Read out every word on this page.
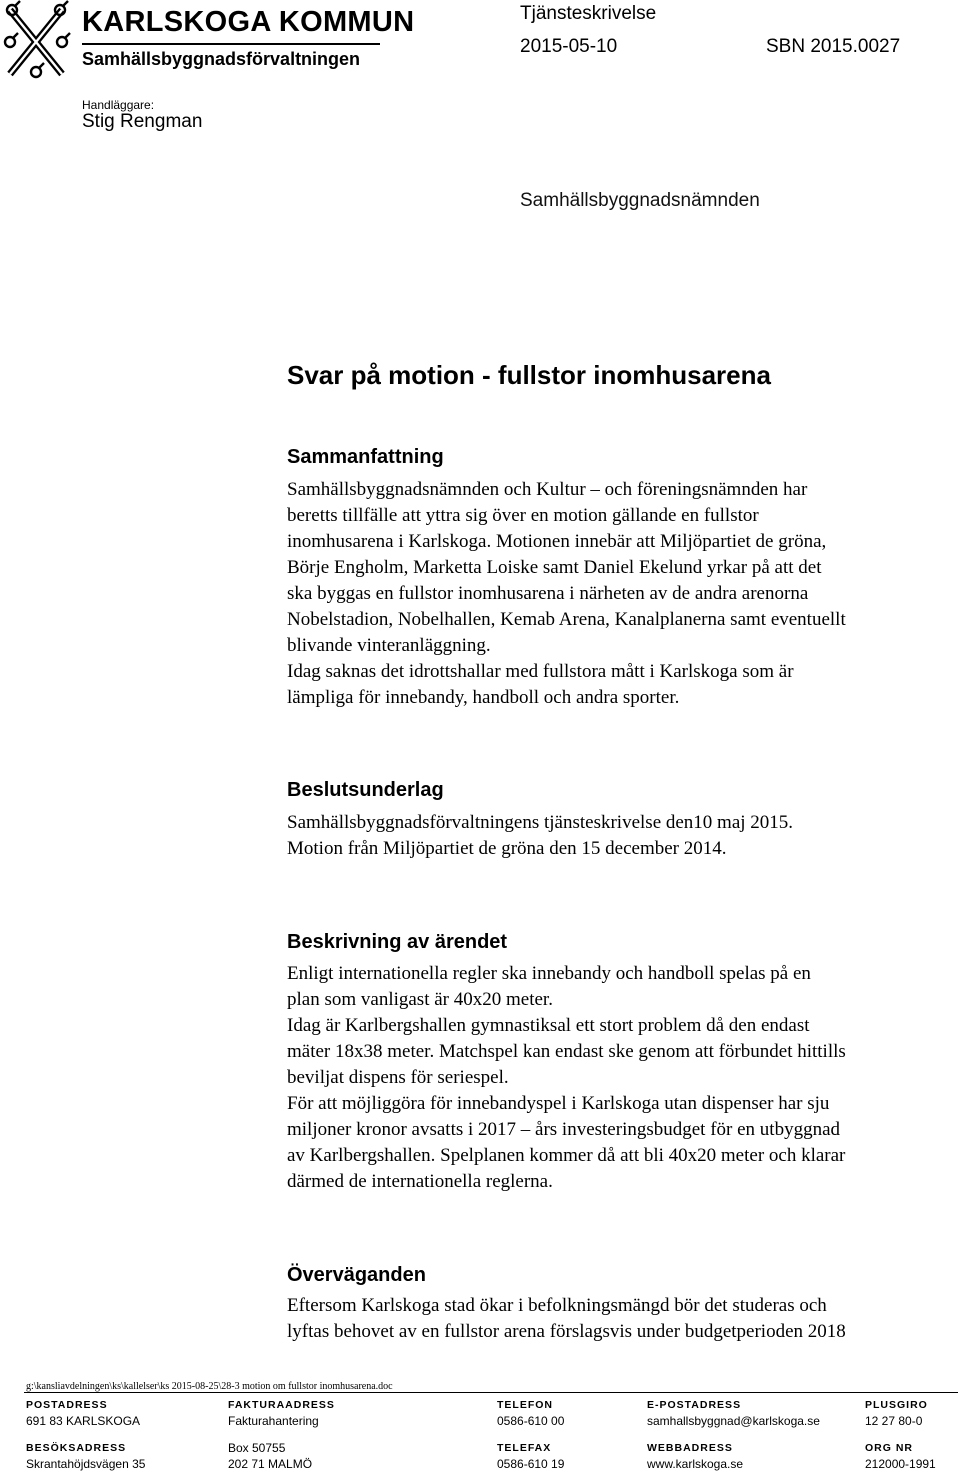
KARLSKOGA KOMMUN
Samhällsbyggnadsförvaltningen
Tjänsteskrivelse
2015-05-10	SBN 2015.0027
Handläggare:
Stig Rengman
Samhällsbyggnadsnämnden
Svar på motion - fullstor inomhusarena
Sammanfattning
Samhällsbyggnadsnämnden och Kultur – och föreningsnämnden har
beretts tillfälle att yttra sig över en motion gällande en fullstor
inomhusarena i Karlskoga. Motionen innebär att Miljöpartiet de gröna,
Börje Engholm, Marketta Loiske samt Daniel Ekelund yrkar på att det
ska byggas en fullstor inomhusarena i närheten av de andra arenorna
Nobelstadion, Nobelhallen, Kemab Arena, Kanalplanerna samt eventuellt
blivande vinteranläggning.
Idag saknas det idrottshallar med fullstora mått i Karlskoga som är
lämpliga för innebandy, handboll och andra sporter.
Beslutsunderlag
Samhällsbyggnadsförvaltningens tjänsteskrivelse den10 maj 2015.
Motion från Miljöpartiet de gröna den 15 december 2014.
Beskrivning av ärendet
Enligt internationella regler ska innebandy och handboll spelas på en
plan som vanligast är 40x20 meter.
Idag är Karlbergshallen gymnastiksal ett stort problem då den endast
mäter 18x38 meter. Matchspel kan endast ske genom att förbundet hittills
beviljat dispens för seriespel.
För att möjliggöra för innebandyspel i Karlskoga utan dispenser har sju
miljoner kronor avsatts i 2017 – års investeringsbudget för en utbyggnad
av Karlbergshallen. Spelplanen kommer då att bli 40x20 meter och klarar
därmed de internationella reglerna.
Överväganden
Eftersom Karlskoga stad ökar i befolkningsmängd bör det studeras och
lyftas behovet av en fullstor arena förslagsvis under budgetperioden 2018
g:\kansliavdelningen\ks\kallelser\ks 2015-08-25\28-3 motion om fullstor inomhusarena.doc
POSTADRESS
691 83 KARLSKOGA
BESÖKSADRESS
Skrantahöjdsvägen 35
FAKTURAADRESS
Fakturahantering
Box 50755
202 71 MALMÖ
TELEFON
0586-610 00
TELEFAX
0586-610 19
E-POSTADRESS
samhallsbyggnad@karlskoga.se
WEBBADRESS
www.karlskoga.se
PLUSGIRO
12 27 80-0
ORG NR
212000-1991
